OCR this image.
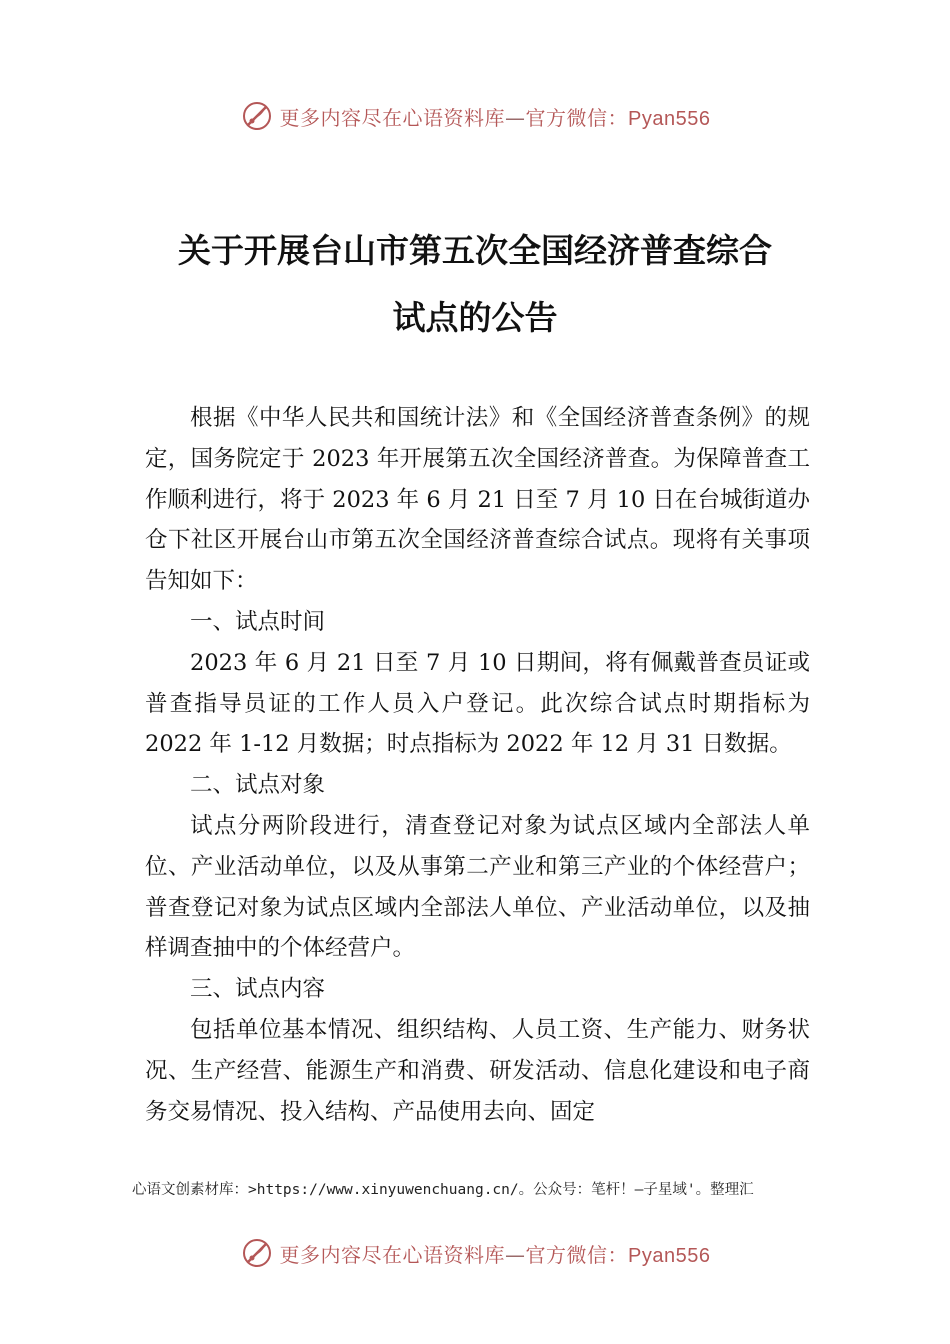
更多内容尽在心语资料库—官方微信：Pyan556
关于开展台山市第五次全国经济普查综合
试点的公告

根据《中华人民共和国统计法》和《全国经济普查条例》的规定，国务院定于 2023 年开展第五次全国经济普查。为保障普查工作顺利进行，将于 2023 年 6 月 21 日至 7 月 10 日在台城街道办仓下社区开展台山市第五次全国经济普查综合试点。现将有关事项告知如下：

一、试点时间

2023 年 6 月 21 日至 7 月 10 日期间，将有佩戴普查员证或普查指导员证的工作人员入户登记。此次综合试点时期指标为 2022 年 1-12 月数据；时点指标为 2022 年 12 月 31 日数据。

二、试点对象

试点分两阶段进行，清查登记对象为试点区域内全部法人单位、产业活动单位，以及从事第二产业和第三产业的个体经营户；普查登记对象为试点区域内全部法人单位、产业活动单位，以及抽样调查抽中的个体经营户。

三、试点内容

包括单位基本情况、组织结构、人员工资、生产能力、财务状况、生产经营、能源生产和消费、研发活动、信息化建设和电子商务交易情况、投入结构、产品使用去向、固定

心语文创素材库：>https://www.xinyuwenchuang.cn/。公众号：笔杆！—子星域'。整理汇
更多内容尽在心语资料库—官方微信：Pyan556
